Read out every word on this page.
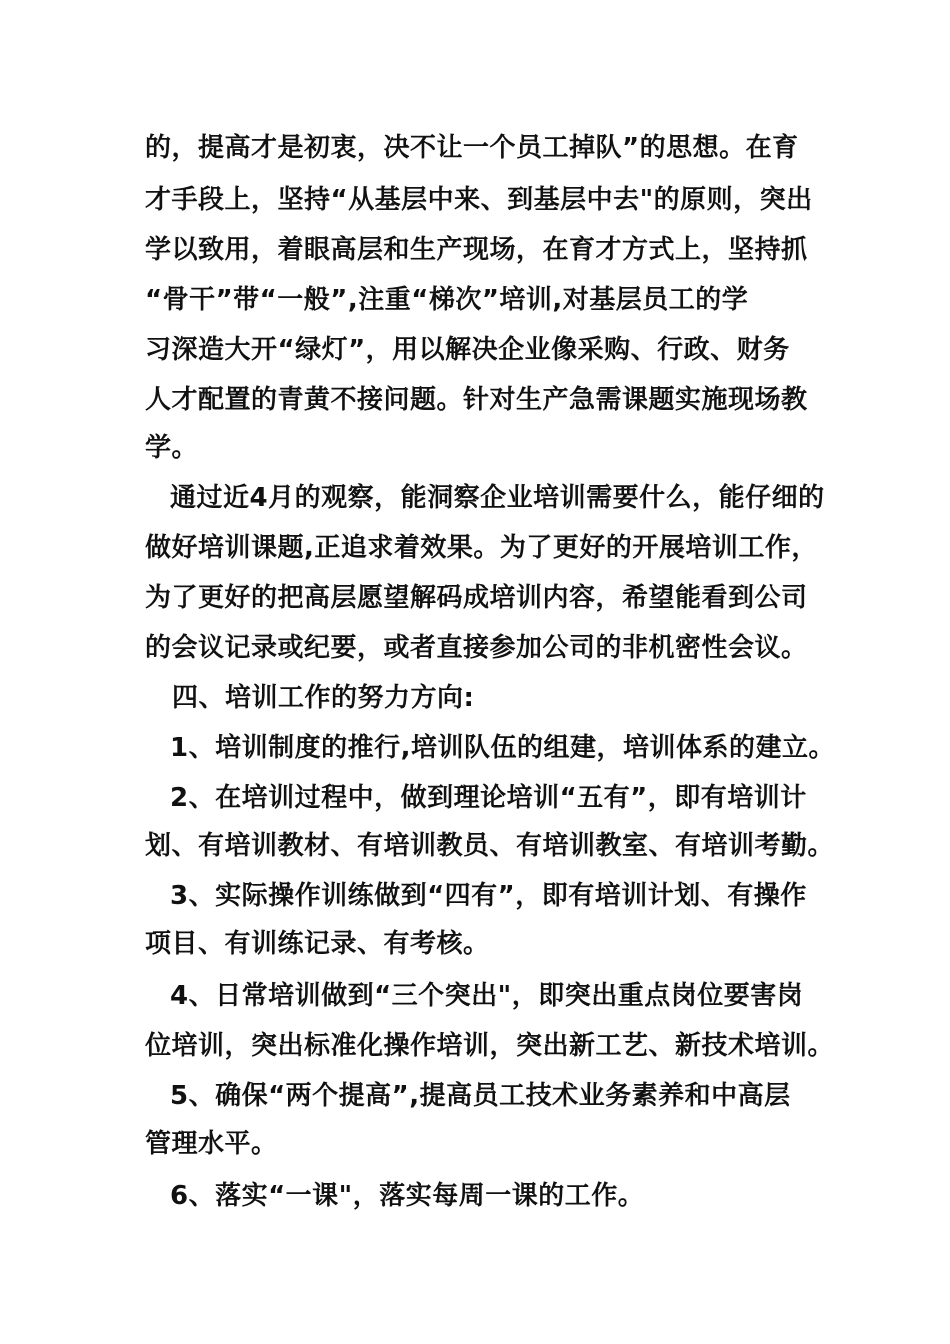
的，提高才是初衷，决不让一个员工掉队”的思想。在育
才手段上，坚持“从基层中来、到基层中去"的原则，突出
学以致用，着眼高层和生产现场，在育才方式上，坚持抓
“骨干”带“一般”,注重“梯次”培训,对基层员工的学
习深造大开“绿灯”，用以解决企业像采购、行政、财务
人才配置的青黄不接问题。针对生产急需课题实施现场教
学。
通过近4月的观察，能洞察企业培训需要什么，能仔细的
做好培训课题,正追求着效果。为了更好的开展培训工作，
为了更好的把高层愿望解码成培训内容，希望能看到公司
的会议记录或纪要，或者直接参加公司的非机密性会议。
四、培训工作的努力方向:
1、培训制度的推行,培训队伍的组建，培训体系的建立。
2、在培训过程中，做到理论培训“五有”，即有培训计
划、有培训教材、有培训教员、有培训教室、有培训考勤。
3、实际操作训练做到“四有”，即有培训计划、有操作
项目、有训练记录、有考核。
4、日常培训做到“三个突出"，即突出重点岗位要害岗
位培训，突出标准化操作培训，突出新工艺、新技术培训。
5、确保“两个提高”,提高员工技术业务素养和中高层
管理水平。
6、落实“一课"，落实每周一课的工作。
